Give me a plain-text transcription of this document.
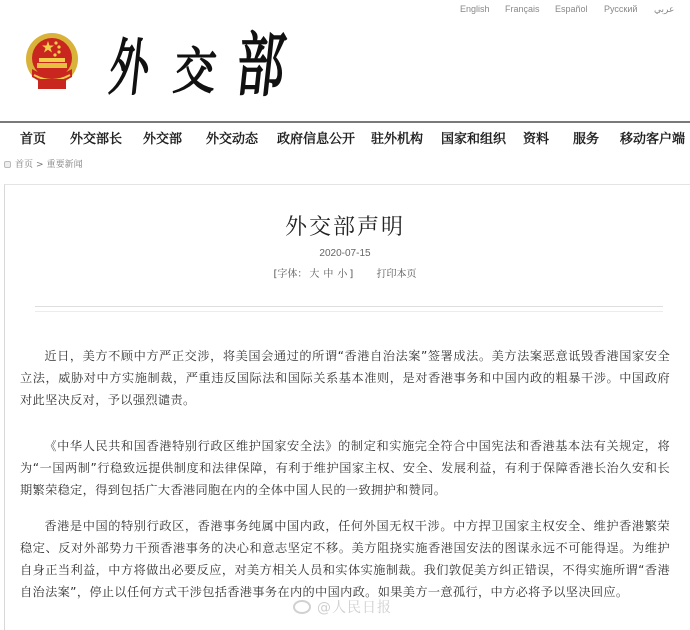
English Français Español Русский عربي
外 交 部
首页 外交部长 外交部 外交动态 政府信息公开 驻外机构 国家和组织 资料 服务 移动客户端
首页 > 重要新闻
外交部声明
2020-07-15
[字体： 大 中 小 ] 打印本页

近日，美方不顾中方严正交涉，将美国会通过的所谓“香港自治法案”签署成法。美方法案恶意诋毁香港国家安全立法，威胁对中方实施制裁，严重违反国际法和国际关系基本准则，是对香港事务和中国内政的粗暴干涉。中国政府对此坚决反对，予以强烈谴责。

《中华人民共和国香港特别行政区维护国家安全法》的制定和实施完全符合中国宪法和香港基本法有关规定，将为“一国两制”行稳致远提供制度和法律保障，有利于维护国家主权、安全、发展利益，有利于保障香港长治久安和长期繁荣稳定，得到包括广大香港同胞在内的全体中国人民的一致拥护和赞同。

香港是中国的特别行政区，香港事务纯属中国内政，任何外国无权干涉。中方捍卫国家主权安全、维护香港繁荣稳定、反对外部势力干预香港事务的决心和意志坚定不移。美方阻挠实施香港国安法的图谋永远不可能得逞。为维护自身正当利益，中方将做出必要反应，对美方相关人员和实体实施制裁。我们敦促美方纠正错误，不得实施所谓“香港自治法案”，停止以任何方式干涉包括香港事务在内的中国内政。如果美方一意孤行，中方必将予以坚决回应。

@人民日报
